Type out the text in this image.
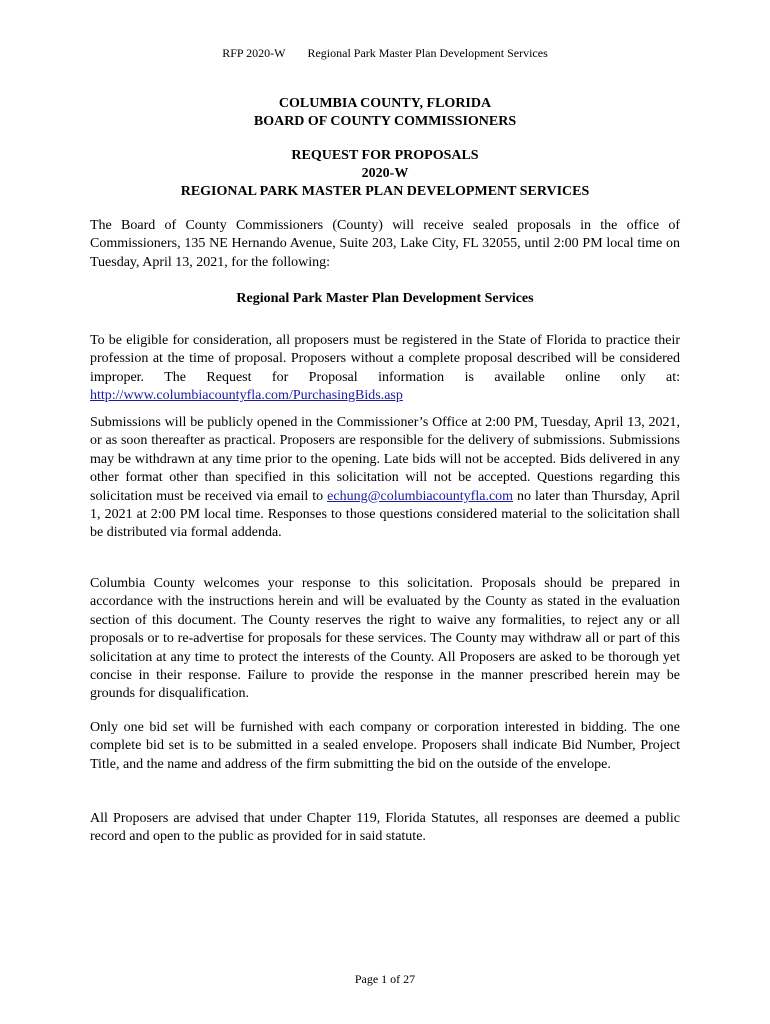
RFP 2020-W Regional Park Master Plan Development Services
COLUMBIA COUNTY, FLORIDA
BOARD OF COUNTY COMMISSIONERS
REQUEST FOR PROPOSALS
2020-W
REGIONAL PARK MASTER PLAN DEVELOPMENT SERVICES
The Board of County Commissioners (County) will receive sealed proposals in the office of Commissioners, 135 NE Hernando Avenue, Suite 203, Lake City, FL 32055, until 2:00 PM local time on Tuesday, April 13, 2021, for the following:
Regional Park Master Plan Development Services
To be eligible for consideration, all proposers must be registered in the State of Florida to practice their profession at the time of proposal. Proposers without a complete proposal described will be considered improper. The Request for Proposal information is available online only at: http://www.columbiacountyfla.com/PurchasingBids.asp
Submissions will be publicly opened in the Commissioner’s Office at 2:00 PM, Tuesday, April 13, 2021, or as soon thereafter as practical. Proposers are responsible for the delivery of submissions. Submissions may be withdrawn at any time prior to the opening. Late bids will not be accepted. Bids delivered in any other format other than specified in this solicitation will not be accepted. Questions regarding this solicitation must be received via email to echung@columbiacountyfla.com no later than Thursday, April 1, 2021 at 2:00 PM local time. Responses to those questions considered material to the solicitation shall be distributed via formal addenda.
Columbia County welcomes your response to this solicitation. Proposals should be prepared in accordance with the instructions herein and will be evaluated by the County as stated in the evaluation section of this document. The County reserves the right to waive any formalities, to reject any or all proposals or to re-advertise for proposals for these services. The County may withdraw all or part of this solicitation at any time to protect the interests of the County. All Proposers are asked to be thorough yet concise in their response. Failure to provide the response in the manner prescribed herein may be grounds for disqualification.
Only one bid set will be furnished with each company or corporation interested in bidding. The one complete bid set is to be submitted in a sealed envelope. Proposers shall indicate Bid Number, Project Title, and the name and address of the firm submitting the bid on the outside of the envelope.
All Proposers are advised that under Chapter 119, Florida Statutes, all responses are deemed a public record and open to the public as provided for in said statute.
Page 1 of 27
